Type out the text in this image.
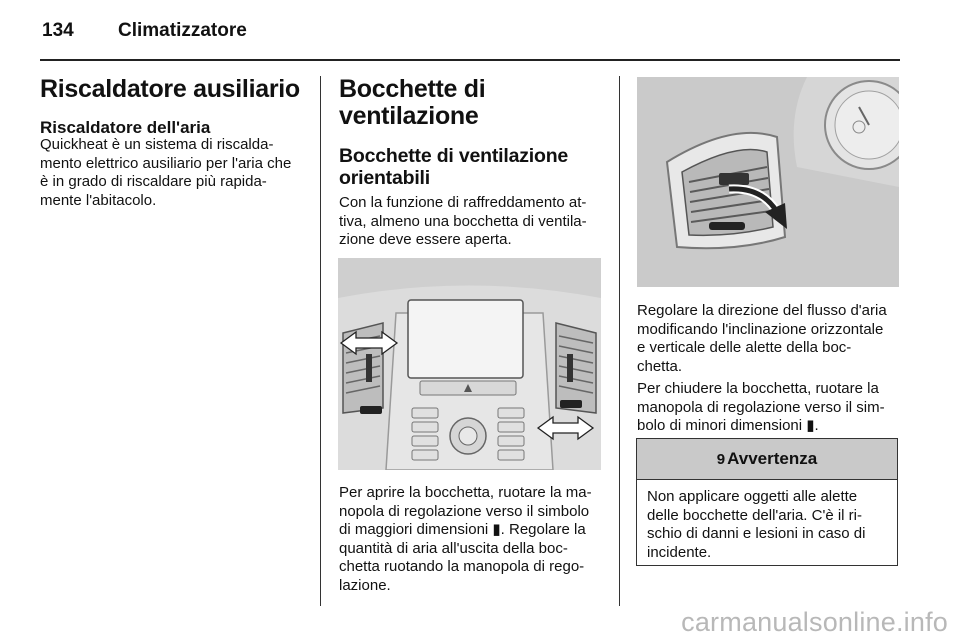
134 Climatizzatore
Riscaldatore ausiliario
Riscaldatore dell'aria
Quickheat è un sistema di riscalda-
mento elettrico ausiliario per l'aria che
è in grado di riscaldare più rapida-
mente l'abitacolo.
Bocchette di
ventilazione
Bocchette di ventilazione
orientabili
Con la funzione di raffreddamento at-
tiva, almeno una bocchetta di ventila-
zione deve essere aperta.
Per aprire la bocchetta, ruotare la ma-
nopola di regolazione verso il simbolo
di maggiori dimensioni ▮. Regolare la
quantità di aria all'uscita della boc-
chetta ruotando la manopola di rego-
lazione.
Regolare la direzione del flusso d'aria
modificando l'inclinazione orizzontale
e verticale delle alette della boc-
chetta.
Per chiudere la bocchetta, ruotare la
manopola di regolazione verso il sim-
bolo di minori dimensioni ▮.
9 Avvertenza
Non applicare oggetti alle alette
delle bocchette dell'aria. C'è il ri-
schio di danni e lesioni in caso di
incidente.
carmanualsonline.info
